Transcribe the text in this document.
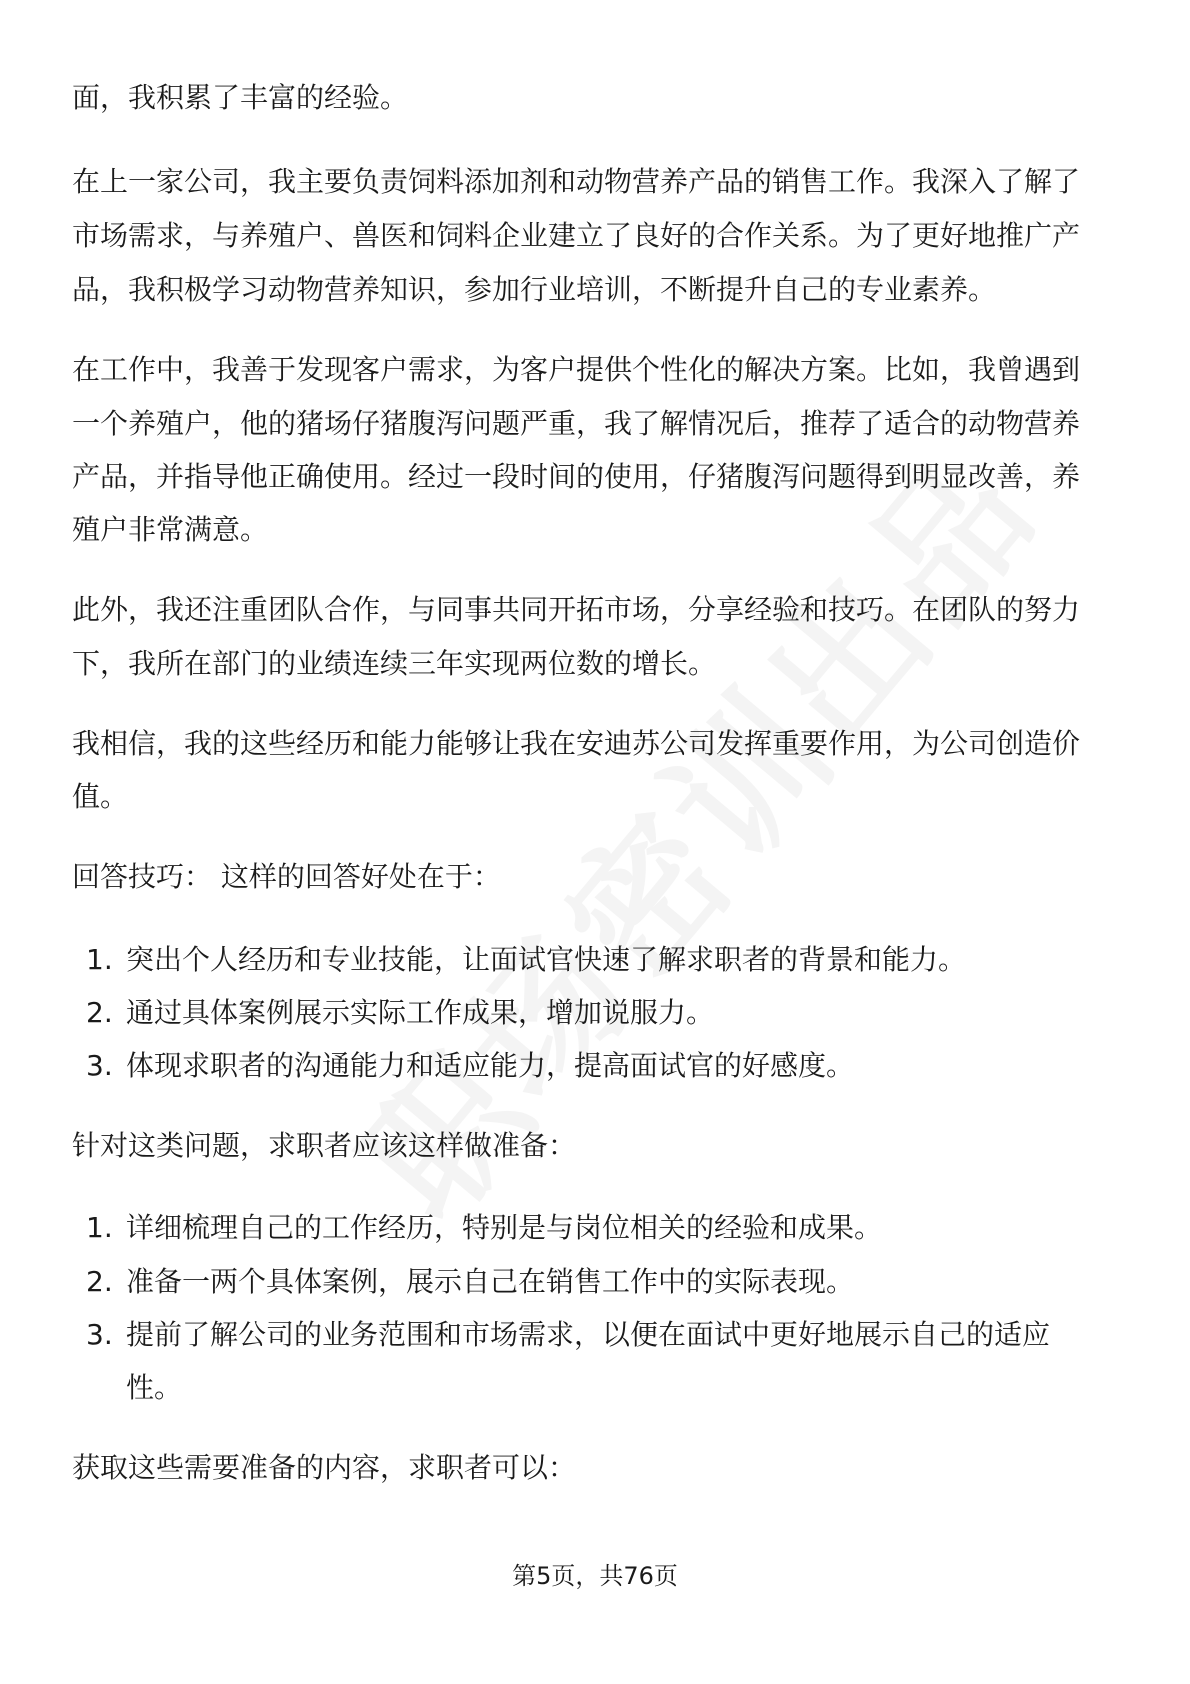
面，我积累了丰富的经验。
在上一家公司，我主要负责饲料添加剂和动物营养产品的销售工作。我深入了解了
市场需求，与养殖户、兽医和饲料企业建立了良好的合作关系。为了更好地推广产
品，我积极学习动物营养知识，参加行业培训，不断提升自己的专业素养。
在工作中，我善于发现客户需求，为客户提供个性化的解决方案。比如，我曾遇到
一个养殖户，他的猪场仔猪腹泻问题严重，我了解情况后，推荐了适合的动物营养
产品，并指导他正确使用。经过一段时间的使用，仔猪腹泻问题得到明显改善，养
殖户非常满意。
此外，我还注重团队合作，与同事共同开拓市场，分享经验和技巧。在团队的努力
下，我所在部门的业绩连续三年实现两位数的增长。
我相信，我的这些经历和能力能够让我在安迪苏公司发挥重要作用，为公司创造价
值。
回答技巧： 这样的回答好处在于：
1. 突出个人经历和专业技能，让面试官快速了解求职者的背景和能力。
2. 通过具体案例展示实际工作成果，增加说服力。
3. 体现求职者的沟通能力和适应能力，提高面试官的好感度。
针对这类问题，求职者应该这样做准备：
1. 详细梳理自己的工作经历，特别是与岗位相关的经验和成果。
2. 准备一两个具体案例，展示自己在销售工作中的实际表现。
3. 提前了解公司的业务范围和市场需求，以便在面试中更好地展示自己的适应
性。
获取这些需要准备的内容，求职者可以：
第5页，共76页
